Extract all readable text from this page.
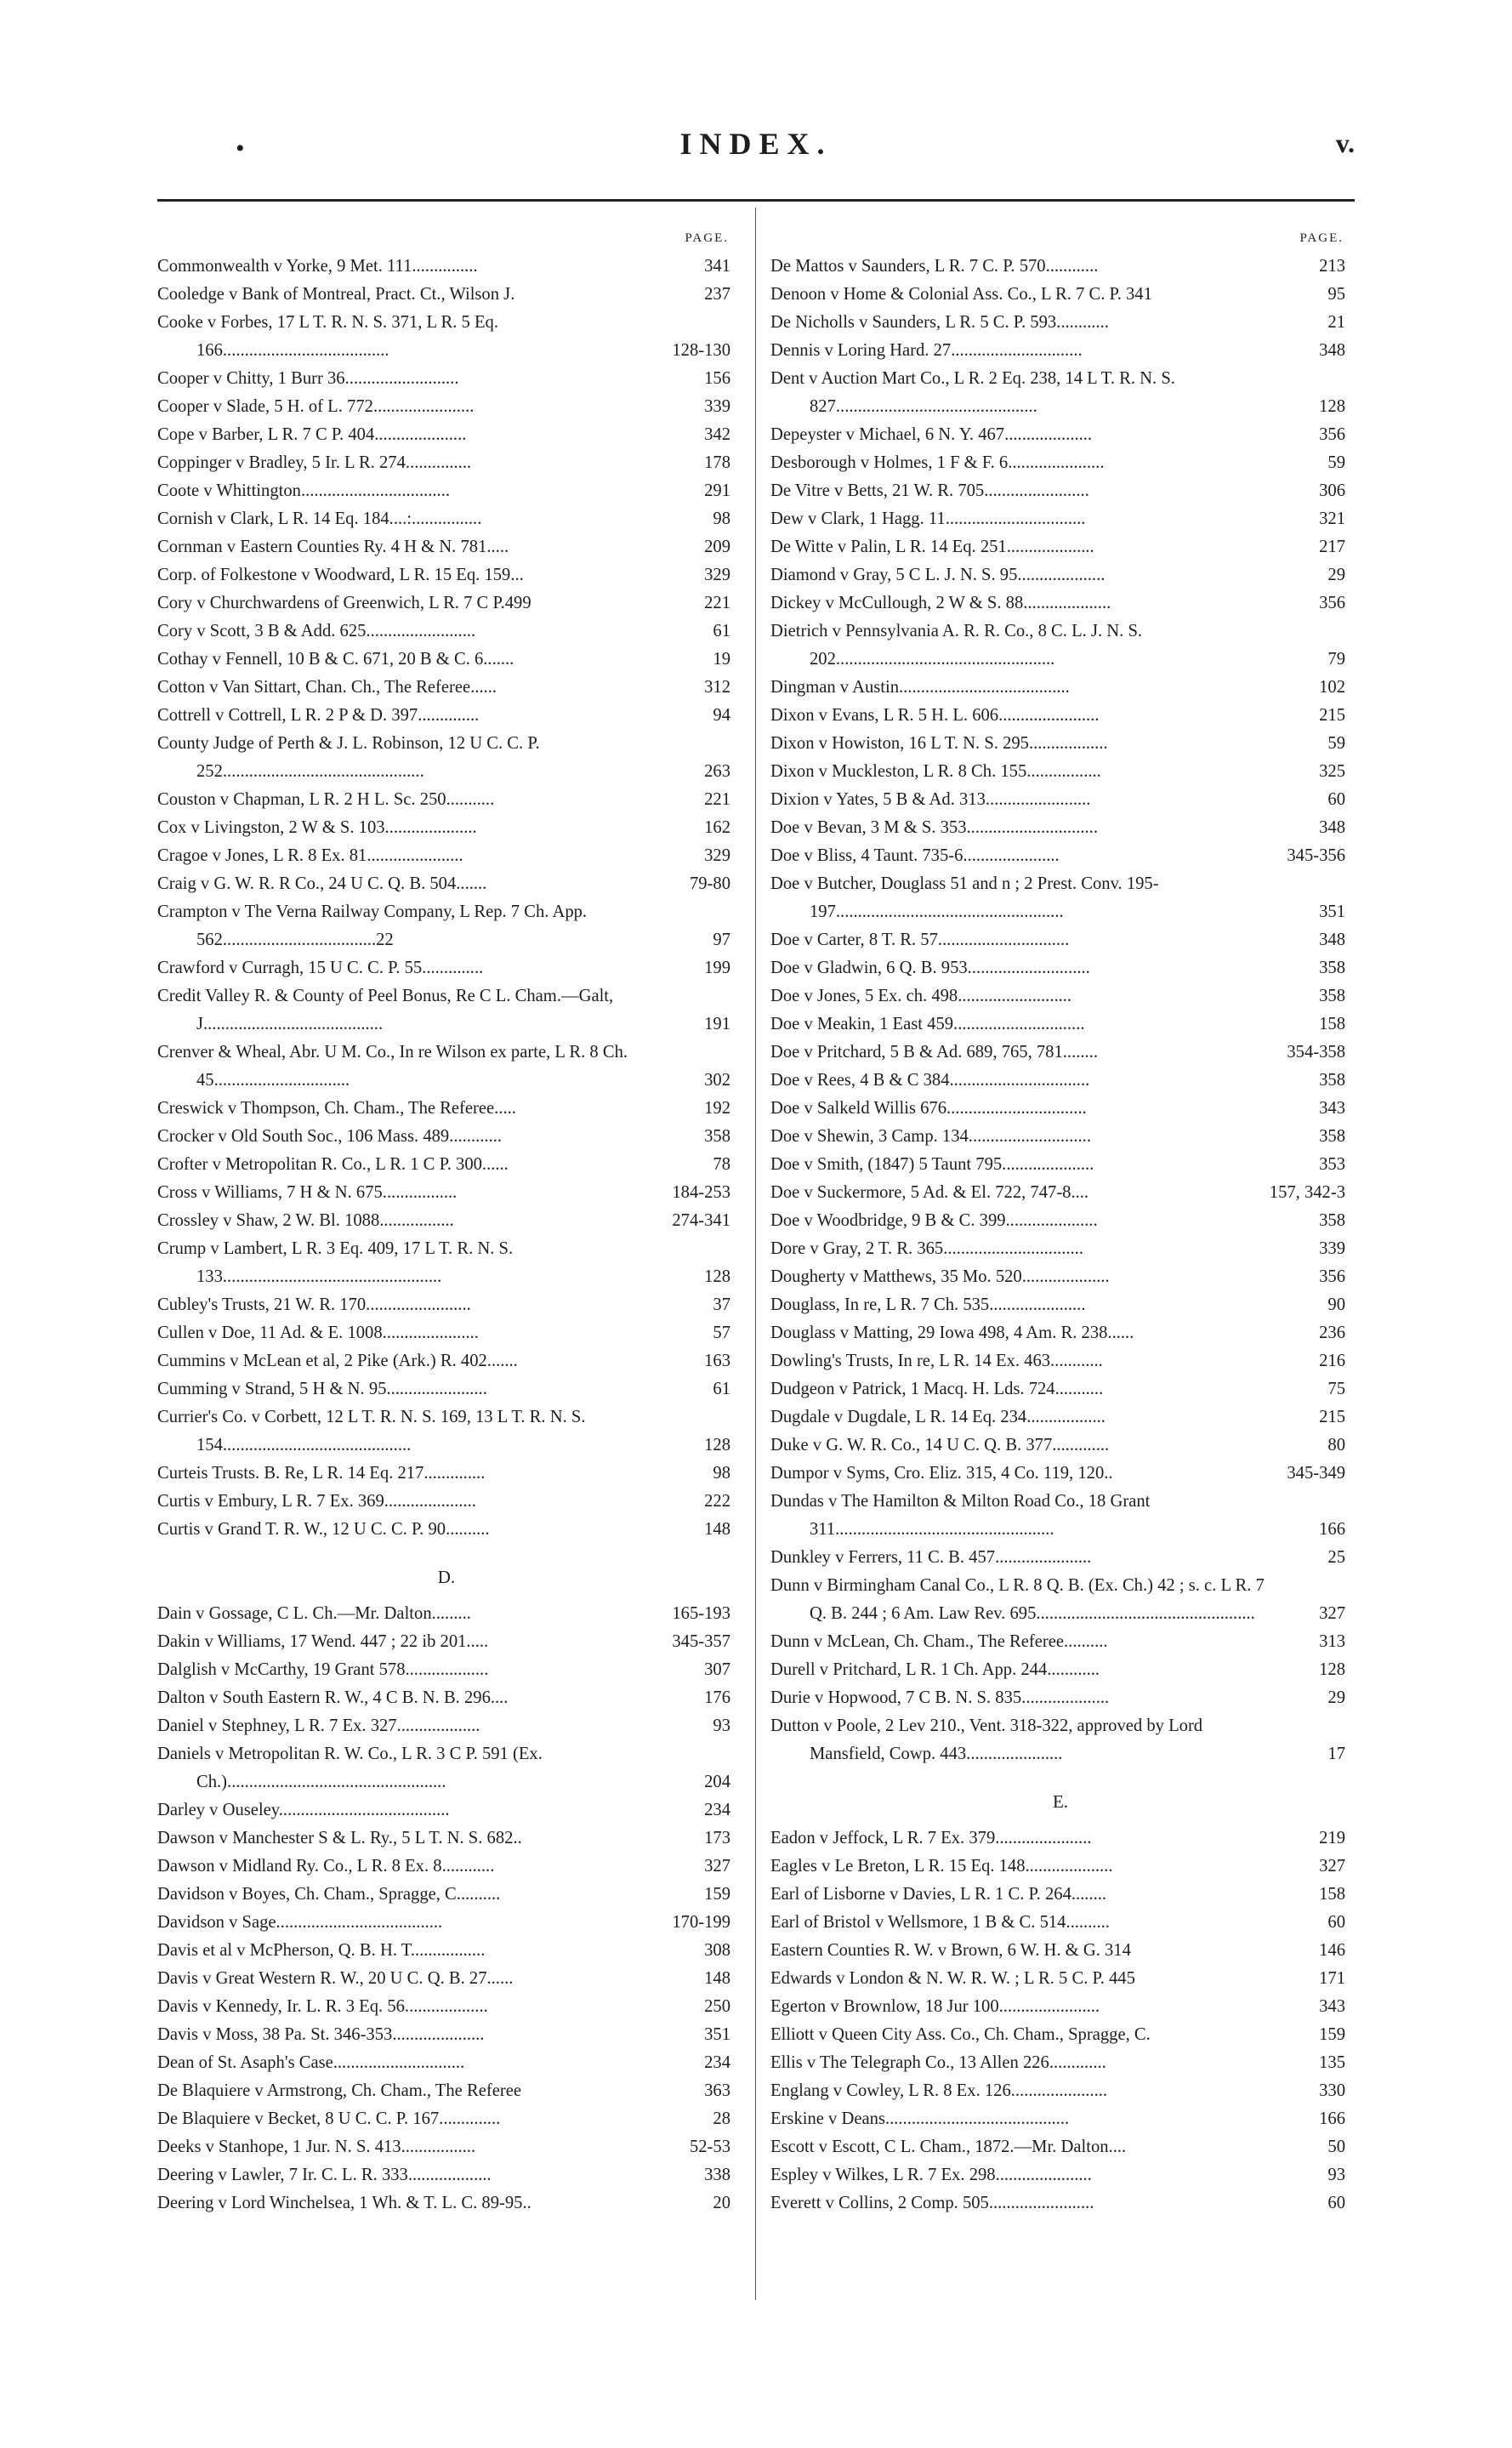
•	INDEX.	v.
PAGE.
Commonwealth v Yorke, 9 Met. 111...............	341
Cooledge v Bank of Montreal, Pract. Ct., Wilson J.	237
Cooke v Forbes, 17 L T. R. N. S. 371, L R. 5 Eq. 166......................................	128-130
Cooper v Chitty, 1 Burr 36..........................	156
Cooper v Slade, 5 H. of L. 772.......................	339
Cope v Barber, L R. 7 C P. 404.....................	342
Coppinger v Bradley, 5 Ir. L R. 274...............	178
Coote v Whittington..................................	291
Cornish v Clark, L R. 14 Eq. 184....:................	98
Cornman v Eastern Counties Ry. 4 H & N. 781.....	209
Corp. of Folkestone v Woodward, L R. 15 Eq. 159...	329
Cory v Churchwardens of Greenwich, L R. 7 C P.499	221
Cory v Scott, 3 B & Add. 625.........................	61
Cothay v Fennell, 10 B & C. 671, 20 B & C. 6.......	19
Cotton v Van Sittart, Chan. Ch., The Referee......	312
Cottrell v Cottrell, L R. 2 P & D. 397..............	94
County Judge of Perth & J. L. Robinson, 12 U C. C. P. 252..............................................	263
Couston v Chapman, L R. 2 H L. Sc. 250...........	221
Cox v Livingston, 2 W & S. 103.....................	162
Cragoe v Jones, L R. 8 Ex. 81......................	329
Craig v G. W. R. R Co., 24 U C. Q. B. 504.......	79-80
Crampton v The Verna Railway Company, L Rep. 7 Ch. App. 562...................................22	97
Crawford v Curragh, 15 U C. C. P. 55..............	199
Credit Valley R. & County of Peel Bonus, Re C L. Cham.—Galt, J.........................................	191
Crenver & Wheal, Abr. U M. Co., In re Wilson ex parte, L R. 8 Ch. 45...............................	302
Creswick v Thompson, Ch. Cham., The Referee.....	192
Crocker v Old South Soc., 106 Mass. 489............	358
Crofter v Metropolitan R. Co., L R. 1 C P. 300......	78
Cross v Williams, 7 H & N. 675.................	184-253
Crossley v Shaw, 2 W. Bl. 1088.................	274-341
Crump v Lambert, L R. 3 Eq. 409, 17 L T. R. N. S. 133..................................................	128
Cubley's Trusts, 21 W. R. 170........................	37
Cullen v Doe, 11 Ad. & E. 1008......................	57
Cummins v McLean et al, 2 Pike (Ark.) R. 402.......	163
Cumming v Strand, 5 H & N. 95.......................	61
Currier's Co. v Corbett, 12 L T. R. N. S. 169, 13 L T. R. N. S. 154...........................................	128
Curteis Trusts. B. Re, L R. 14 Eq. 217..............	98
Curtis v Embury, L R. 7 Ex. 369.....................	222
Curtis v Grand T. R. W., 12 U C. C. P. 90..........	148
D.
Dain v Gossage, C L. Ch.—Mr. Dalton.........	165-193
Dakin v Williams, 17 Wend. 447 ; 22 ib 201.....	345-357
Dalglish v McCarthy, 19 Grant 578...................	307
Dalton v South Eastern R. W., 4 C B. N. B. 296....	176
Daniel v Stephney, L R. 7 Ex. 327...................	93
Daniels v Metropolitan R. W. Co., L R. 3 C P. 591 (Ex. Ch.)..................................................	204
Darley v Ouseley.......................................	234
Dawson v Manchester S & L. Ry., 5 L T. N. S. 682..	173
Dawson v Midland Ry. Co., L R. 8 Ex. 8............	327
Davidson v Boyes, Ch. Cham., Spragge, C..........	159
Davidson v Sage......................................	170-199
Davis et al v McPherson, Q. B. H. T.................	308
Davis v Great Western R. W., 20 U C. Q. B. 27......	148
Davis v Kennedy, Ir. L. R. 3 Eq. 56...................	250
Davis v Moss, 38 Pa. St. 346-353.....................	351
Dean of St. Asaph's Case..............................	234
De Blaquiere v Armstrong, Ch. Cham., The Referee	363
De Blaquiere v Becket, 8 U C. C. P. 167..............	28
Deeks v Stanhope, 1 Jur. N. S. 413.................	52-53
Deering v Lawler, 7 Ir. C. L. R. 333...................	338
Deering v Lord Winchelsea, 1 Wh. & T. L. C. 89-95..	20
PAGE.
De Mattos v Saunders, L R. 7 C. P. 570............	213
Denoon v Home & Colonial Ass. Co., L R. 7 C. P. 341	95
De Nicholls v Saunders, L R. 5 C. P. 593............	21
Dennis v Loring Hard. 27..............................	348
Dent v Auction Mart Co., L R. 2 Eq. 238, 14 L T. R. N. S. 827..............................................	128
Depeyster v Michael, 6 N. Y. 467....................	356
Desborough v Holmes, 1 F & F. 6......................	59
De Vitre v Betts, 21 W. R. 705........................	306
Dew v Clark, 1 Hagg. 11................................	321
De Witte v Palin, L R. 14 Eq. 251....................	217
Diamond v Gray, 5 C L. J. N. S. 95....................	29
Dickey v McCullough, 2 W & S. 88....................	356
Dietrich v Pennsylvania A. R. R. Co., 8 C. L. J. N. S. 202..................................................	79
Dingman v Austin.......................................	102
Dixon v Evans, L R. 5 H. L. 606.......................	215
Dixon v Howiston, 16 L T. N. S. 295..................	59
Dixon v Muckleston, L R. 8 Ch. 155.................	325
Dixion v Yates, 5 B & Ad. 313........................	60
Doe v Bevan, 3 M & S. 353..............................	348
Doe v Bliss, 4 Taunt. 735-6......................	345-356
Doe v Butcher, Douglass 51 and n ; 2 Prest. Conv. 195-197....................................................	351
Doe v Carter, 8 T. R. 57..............................	348
Doe v Gladwin, 6 Q. B. 953............................	358
Doe v Jones, 5 Ex. ch. 498..........................	358
Doe v Meakin, 1 East 459..............................	158
Doe v Pritchard, 5 B & Ad. 689, 765, 781........	354-358
Doe v Rees, 4 B & C 384................................	358
Doe v Salkeld Willis 676................................	343
Doe v Shewin, 3 Camp. 134............................	358
Doe v Smith, (1847) 5 Taunt 795.....................	353
Doe v Suckermore, 5 Ad. & El. 722, 747-8....	157, 342-3
Doe v Woodbridge, 9 B & C. 399.....................	358
Dore v Gray, 2 T. R. 365................................	339
Dougherty v Matthews, 35 Mo. 520....................	356
Douglass, In re, L R. 7 Ch. 535......................	90
Douglass v Matting, 29 Iowa 498, 4 Am. R. 238......	236
Dowling's Trusts, In re, L R. 14 Ex. 463............	216
Dudgeon v Patrick, 1 Macq. H. Lds. 724...........	75
Dugdale v Dugdale, L R. 14 Eq. 234..................	215
Duke v G. W. R. Co., 14 U C. Q. B. 377.............	80
Dumpor v Syms, Cro. Eliz. 315, 4 Co. 119, 120..	345-349
Dundas v The Hamilton & Milton Road Co., 18 Grant 311..................................................	166
Dunkley v Ferrers, 11 C. B. 457......................	25
Dunn v Birmingham Canal Co., L R. 8 Q. B. (Ex. Ch.) 42 ; s. c. L R. 7 Q. B. 244 ; 6 Am. Law Rev. 695..................................................	327
Dunn v McLean, Ch. Cham., The Referee..........	313
Durell v Pritchard, L R. 1 Ch. App. 244............	128
Durie v Hopwood, 7 C B. N. S. 835....................	29
Dutton v Poole, 2 Lev 210., Vent. 318-322, approved by Lord Mansfield, Cowp. 443......................	17
E.
Eadon v Jeffock, L R. 7 Ex. 379......................	219
Eagles v Le Breton, L R. 15 Eq. 148....................	327
Earl of Lisborne v Davies, L R. 1 C. P. 264........	158
Earl of Bristol v Wellsmore, 1 B & C. 514..........	60
Eastern Counties R. W. v Brown, 6 W. H. & G. 314	146
Edwards v London & N. W. R. W. ; L R. 5 C. P. 445	171
Egerton v Brownlow, 18 Jur 100.......................	343
Elliott v Queen City Ass. Co., Ch. Cham., Spragge, C.	159
Ellis v The Telegraph Co., 13 Allen 226.............	135
Englang v Cowley, L R. 8 Ex. 126......................	330
Erskine v Deans..........................................	166
Escott v Escott, C L. Cham., 1872.—Mr. Dalton....	50
Espley v Wilkes, L R. 7 Ex. 298......................	93
Everett v Collins, 2 Comp. 505........................	60
